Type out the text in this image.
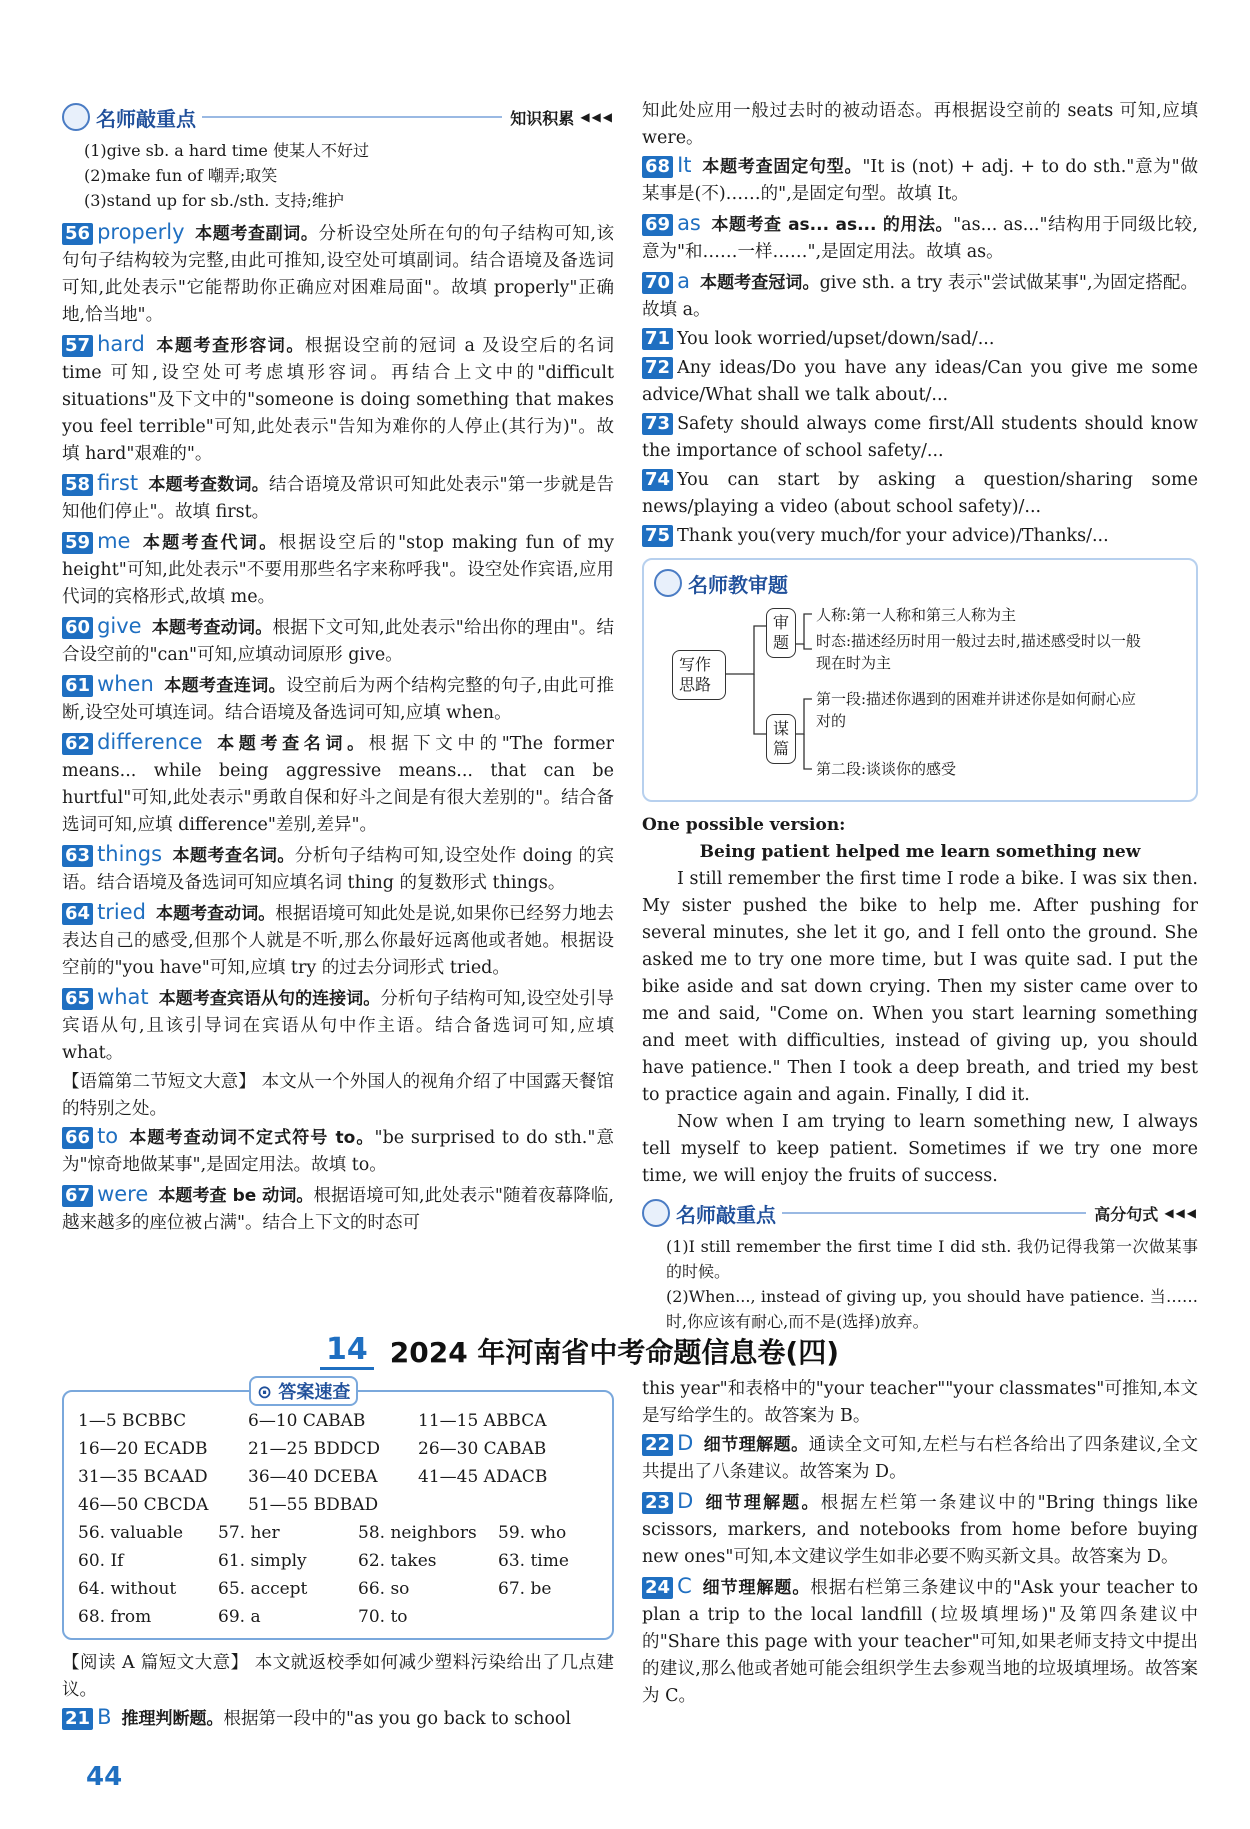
名师敲重点	知识积累 ◀◀◀

(1)give sb. a hard time 使某人不好过

(2)make fun of 嘲弄;取笑

(3)stand up for sb./sth. 支持;维护

56 properly 本题考查副词。分析设空处所在句的句子结构可知,该句句子结构较为完整,由此可推知,设空处可填副词。结合语境及备选词可知,此处表示"它能帮助你正确应对困难局面"。故填 properly"正确地,恰当地"。

57 hard 本题考查形容词。根据设空前的冠词 a 及设空后的名词 time 可知,设空处可考虑填形容词。再结合上文中的"difficult situations"及下文中的"someone is doing something that makes you feel terrible"可知,此处表示"告知为难你的人停止(其行为)"。故填 hard"艰难的"。

58 first 本题考查数词。结合语境及常识可知此处表示"第一步就是告知他们停止"。故填 first。

59 me 本题考查代词。根据设空后的"stop making fun of my height"可知,此处表示"不要用那些名字来称呼我"。设空处作宾语,应用代词的宾格形式,故填 me。

60 give 本题考查动词。根据下文可知,此处表示"给出你的理由"。结合设空前的"can"可知,应填动词原形 give。

61 when 本题考查连词。设空前后为两个结构完整的句子,由此可推断,设空处可填连词。结合语境及备选词可知,应填 when。

62 difference 本题考查名词。根据下文中的"The former means... while being aggressive means... that can be hurtful"可知,此处表示"勇敢自保和好斗之间是有很大差别的"。结合备选词可知,应填 difference"差别,差异"。

63 things 本题考查名词。分析句子结构可知,设空处作 doing 的宾语。结合语境及备选词可知应填名词 thing 的复数形式 things。

64 tried 本题考查动词。根据语境可知此处是说,如果你已经努力地去表达自己的感受,但那个人就是不听,那么你最好远离他或者她。根据设空前的"you have"可知,应填 try 的过去分词形式 tried。

65 what 本题考查宾语从句的连接词。分析句子结构可知,设空处引导宾语从句,且该引导词在宾语从句中作主语。结合备选词可知,应填 what。

【语篇第二节短文大意】 本文从一个外国人的视角介绍了中国露天餐馆的特别之处。

66 to 本题考查动词不定式符号 to。"be surprised to do sth."意为"惊奇地做某事",是固定用法。故填 to。

67 were 本题考查 be 动词。根据语境可知,此处表示"随着夜幕降临,越来越多的座位被占满"。结合上下文的时态可

知此处应用一般过去时的被动语态。再根据设空前的 seats 可知,应填 were。

68 It 本题考查固定句型。"It is (not) + adj. + to do sth."意为"做某事是(不)……的",是固定句型。故填 It。

69 as 本题考查 as... as... 的用法。"as... as..."结构用于同级比较,意为"和……一样……",是固定用法。故填 as。

70 a 本题考查冠词。give sth. a try 表示"尝试做某事",为固定搭配。故填 a。

71 You look worried/upset/down/sad/...

72 Any ideas/Do you have any ideas/Can you give me some advice/What shall we talk about/...

73 Safety should always come first/All students should know the importance of school safety/...

74 You can start by asking a question/sharing some news/playing a video (about school safety)/...

75 Thank you(very much/for your advice)/Thanks/...

名师教审题
写作思路
审题
谋篇
人称:第一人称和第三人称为主
时态:描述经历时用一般过去时,描述感受时以一般现在时为主
第一段:描述你遇到的困难并讲述你是如何耐心应对的
第二段:谈谈你的感受

One possible version:

Being patient helped me learn something new

I still remember the first time I rode a bike. I was six then. My sister pushed the bike to help me. After pushing for several minutes, she let it go, and I fell onto the ground. She asked me to try one more time, but I was quite sad. I put the bike aside and sat down crying. Then my sister came over to me and said, "Come on. When you start learning something and meet with difficulties, instead of giving up, you should have patience." Then I took a deep breath, and tried my best to practice again and again. Finally, I did it.

Now when I am trying to learn something new, I always tell myself to keep patient. Sometimes if we try one more time, we will enjoy the fruits of success.

名师敲重点	高分句式 ◀◀◀

(1)I still remember the first time I did sth. 我仍记得我第一次做某事的时候。

(2)When..., instead of giving up, you should have patience. 当……时,你应该有耐心,而不是(选择)放弃。

14 2024 年河南省中考命题信息卷(四)
⊙ 答案速查
1—5 BCBBC	6—10 CABAB	11—15 ABBCA
16—20 ECADB	21—25 BDDCD	26—30 CABAB
31—35 BCAAD	36—40 DCEBA	41—45 ADACB
46—50 CBCDA	51—55 BDBAD
56. valuable	57. her	58. neighbors	59. who
60. If	61. simply	62. takes	63. time
64. without	65. accept	66. so	67. be
68. from	69. a	70. to

【阅读 A 篇短文大意】 本文就返校季如何减少塑料污染给出了几点建议。

21 B 推理判断题。根据第一段中的"as you go back to school

this year"和表格中的"your teacher""your classmates"可推知,本文是写给学生的。故答案为 B。

22 D 细节理解题。通读全文可知,左栏与右栏各给出了四条建议,全文共提出了八条建议。故答案为 D。

23 D 细节理解题。根据左栏第一条建议中的"Bring things like scissors, markers, and notebooks from home before buying new ones"可知,本文建议学生如非必要不购买新文具。故答案为 D。

24 C 细节理解题。根据右栏第三条建议中的"Ask your teacher to plan a trip to the local landfill (垃圾填埋场)"及第四条建议中的"Share this page with your teacher"可知,如果老师支持文中提出的建议,那么他或者她可能会组织学生去参观当地的垃圾填埋场。故答案为 C。

44
